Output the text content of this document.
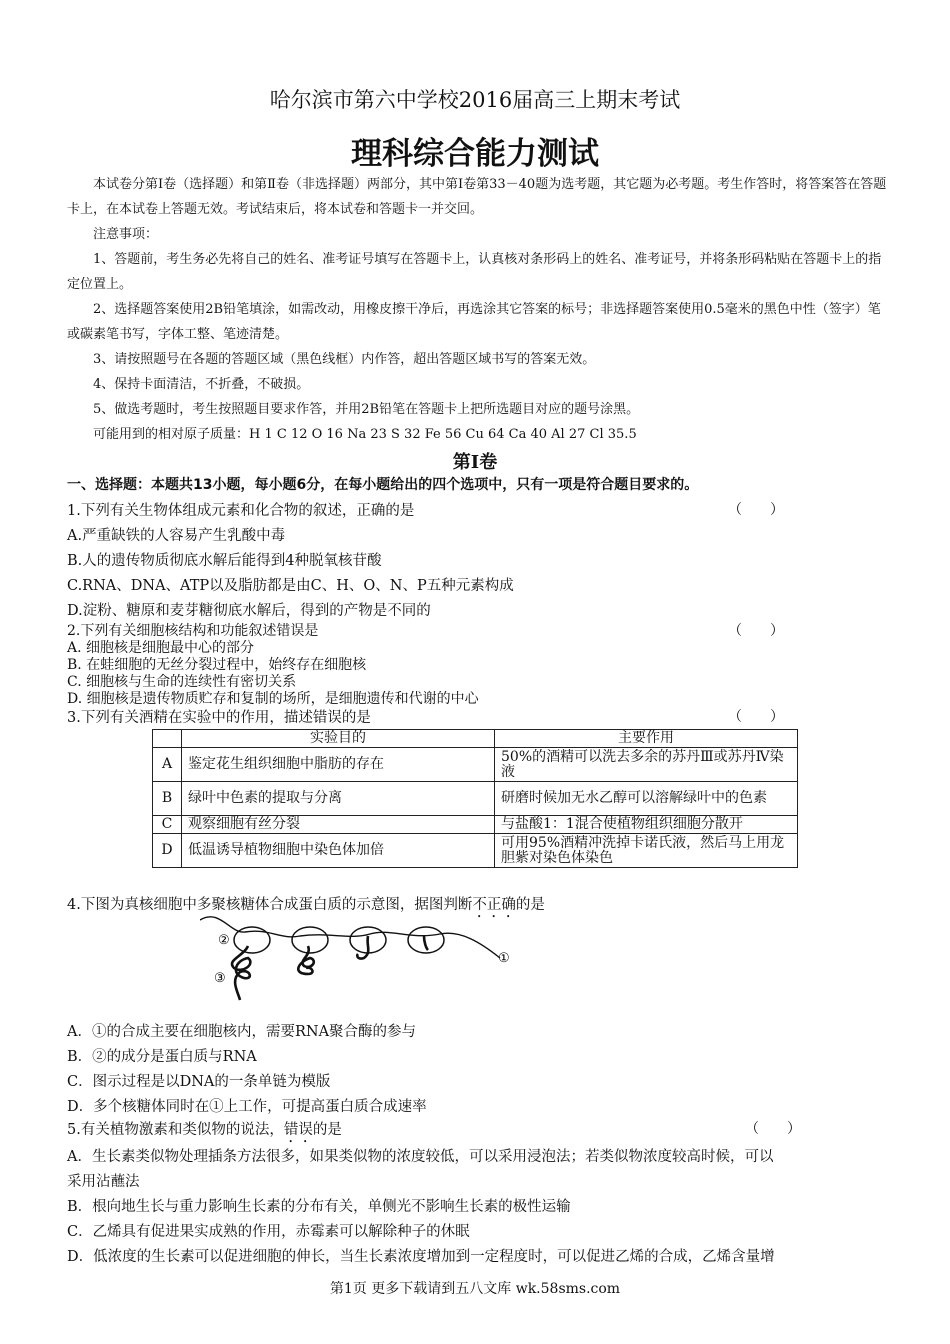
哈尔滨市第六中学校2016届高三上期末考试
理科综合能力测试

本试卷分第Ⅰ卷（选择题）和第Ⅱ卷（非选择题）两部分，其中第Ⅰ卷第33－40题为选考题，其它题为必考题。考生作答时，将答案答在答题卡上，在本试卷上答题无效。考试结束后，将本试卷和答题卡一并交回。

注意事项：

1、答题前，考生务必先将自己的姓名、准考证号填写在答题卡上，认真核对条形码上的姓名、准考证号，并将条形码粘贴在答题卡上的指定位置上。

2、选择题答案使用2B铅笔填涂，如需改动，用橡皮擦干净后，再选涂其它答案的标号；非选择题答案使用0.5毫米的黑色中性（签字）笔或碳素笔书写，字体工整、笔迹清楚。

3、请按照题号在各题的答题区域（黑色线框）内作答，超出答题区域书写的答案无效。

4、保持卡面清洁，不折叠，不破损。

5、做选考题时，考生按照题目要求作答，并用2B铅笔在答题卡上把所选题目对应的题号涂黑。

可能用到的相对原子质量：H 1 C 12 O 16 Na 23 S 32 Fe 56 Cu 64 Ca 40 Al 27 Cl 35.5

第Ⅰ卷
一、选择题：本题共13小题，每小题6分，在每小题给出的四个选项中，只有一项是符合题目要求的。
1.下列有关生物体组成元素和化合物的叙述，正确的是	（　　）
A.严重缺铁的人容易产生乳酸中毒
B.人的遗传物质彻底水解后能得到4种脱氧核苷酸
C.RNA、DNA、ATP以及脂肪都是由C、H、O、N、P五种元素构成
D.淀粉、糖原和麦芽糖彻底水解后，得到的产物是不同的
2.下列有关细胞核结构和功能叙述错误是	（　　）
A. 细胞核是细胞最中心的部分
B. 在蛙细胞的无丝分裂过程中，始终存在细胞核
C. 细胞核与生命的连续性有密切关系
D. 细胞核是遗传物质贮存和复制的场所，是细胞遗传和代谢的中心
3.下列有关酒精在实验中的作用，描述错误的是	（　　）
	实验目的	主要作用
A	鉴定花生组织细胞中脂肪的存在	50%的酒精可以洗去多余的苏丹Ⅲ或苏丹Ⅳ染液
B	绿叶中色素的提取与分离	研磨时候加无水乙醇可以溶解绿叶中的色素
C	观察细胞有丝分裂	与盐酸1：1混合使植物组织细胞分散开
D	低温诱导植物细胞中染色体加倍	可用95%酒精冲洗掉卡诺氏液，然后马上用龙胆紫对染色体染色
4.下图为真核细胞中多聚核糖体合成蛋白质的示意图，据图判断不正确的是
①
②
③
A．①的合成主要在细胞核内，需要RNA聚合酶的参与
B．②的成分是蛋白质与RNA
C．图示过程是以DNA的一条单链为模版
D．多个核糖体同时在①上工作，可提高蛋白质合成速率
5.有关植物激素和类似物的说法，错误的是	（　　）
A．生长素类似物处理插条方法很多，如果类似物的浓度较低，可以采用浸泡法；若类似物浓度较高时候，可以
采用沾蘸法
B．根向地生长与重力影响生长素的分布有关，单侧光不影响生长素的极性运输
C．乙烯具有促进果实成熟的作用，赤霉素可以解除种子的休眠
D．低浓度的生长素可以促进细胞的伸长，当生长素浓度增加到一定程度时，可以促进乙烯的合成，乙烯含量增
第1页 更多下载请到五八文库 wk.58sms.com
